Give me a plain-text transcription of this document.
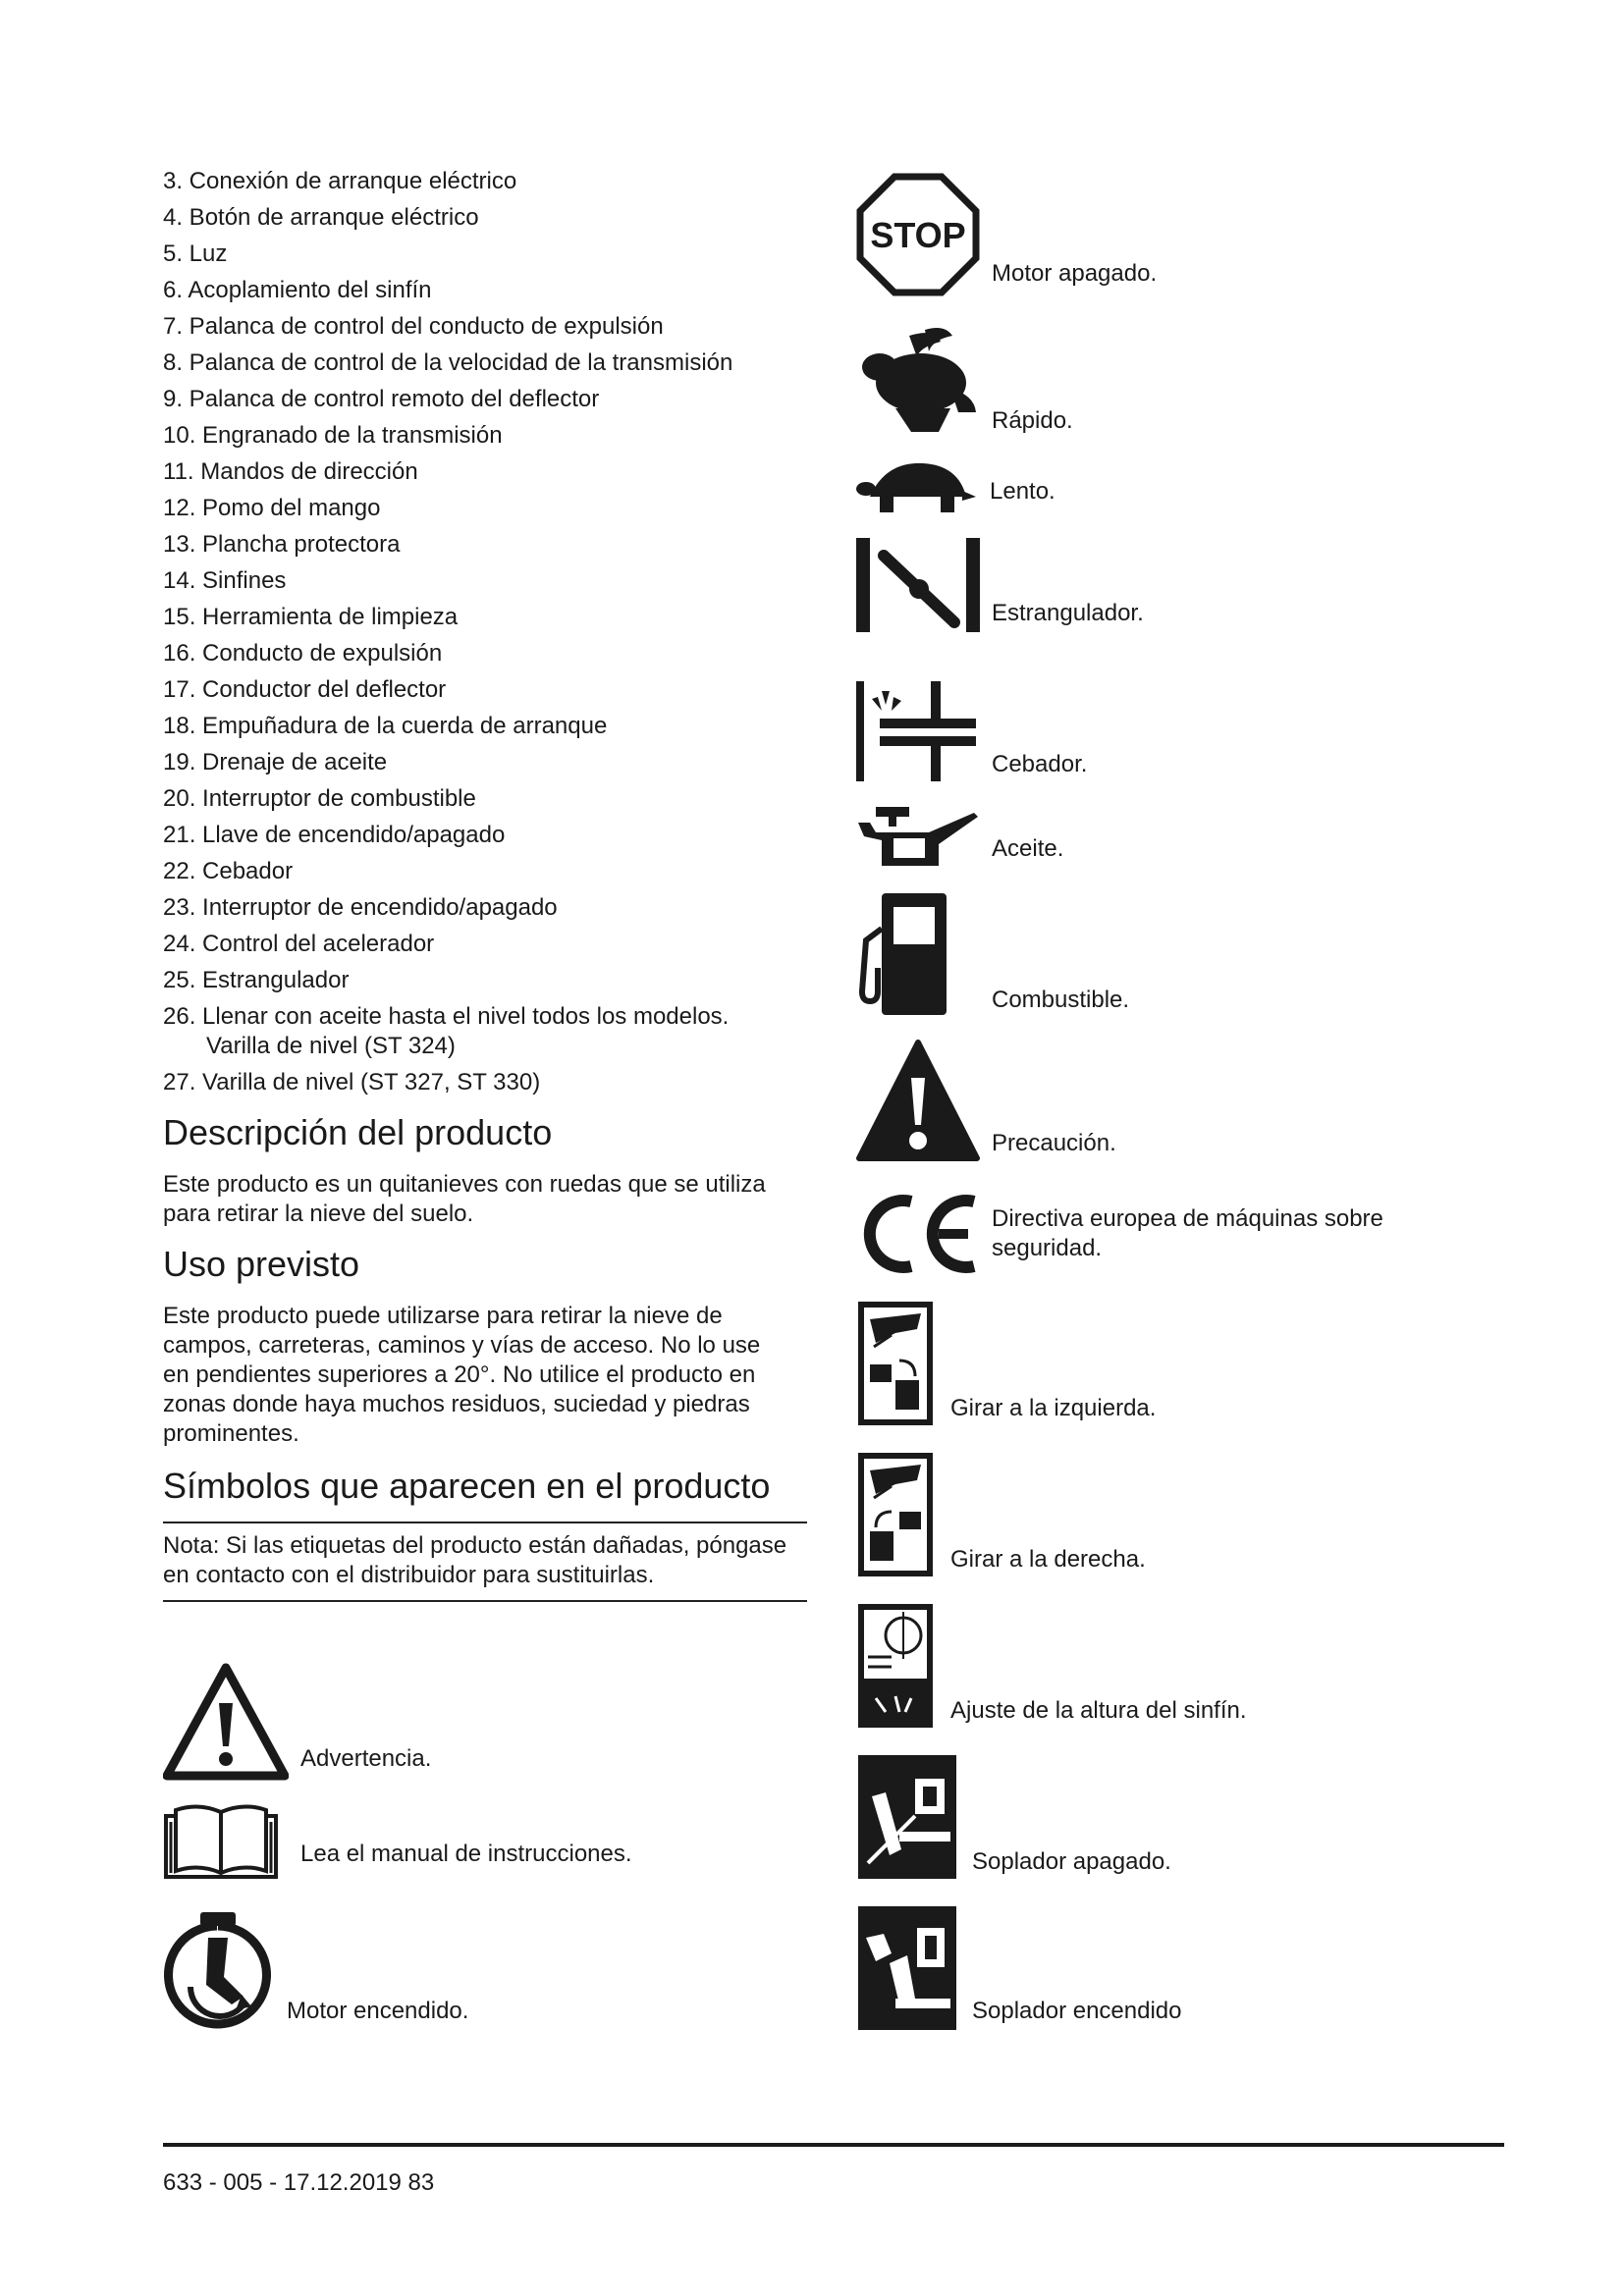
3. Conexión de arranque eléctrico
4. Botón de arranque eléctrico
5. Luz
6. Acoplamiento del sinfín
7. Palanca de control del conducto de expulsión
8. Palanca de control de la velocidad de la transmisión
9. Palanca de control remoto del deflector
10. Engranado de la transmisión
11. Mandos de dirección
12. Pomo del mango
13. Plancha protectora
14. Sinfines
15. Herramienta de limpieza
16. Conducto de expulsión
17. Conductor del deflector
18. Empuñadura de la cuerda de arranque
19. Drenaje de aceite
20. Interruptor de combustible
21. Llave de encendido/apagado
22. Cebador
23. Interruptor de encendido/apagado
24. Control del acelerador
25. Estrangulador
26. Llenar con aceite hasta el nivel todos los modelos.
Varilla de nivel (ST 324)
27. Varilla de nivel (ST 327, ST 330)
Descripción del producto

Este producto es un quitanieves con ruedas que se utiliza para retirar la nieve del suelo.

Uso previsto

Este producto puede utilizarse para retirar la nieve de campos, carreteras, caminos y vías de acceso. No lo use en pendientes superiores a 20°. No utilice el producto en zonas donde haya muchos residuos, suciedad y piedras prominentes.

Símbolos que aparecen en el producto

Nota: Si las etiquetas del producto están dañadas, póngase en contacto con el distribuidor para sustituirlas.

Advertencia.
Lea el manual de instrucciones.
Motor encendido.
STOP
Motor apagado.
Rápido.
Lento.
Estrangulador.
Cebador.
Aceite.
Combustible.
Precaución.
Directiva europea de máquinas sobre
seguridad.
Girar a la izquierda.
Girar a la derecha.
Ajuste de la altura del sinfín.
Soplador apagado.
Soplador encendido
633 - 005 - 17.12.2019 83
